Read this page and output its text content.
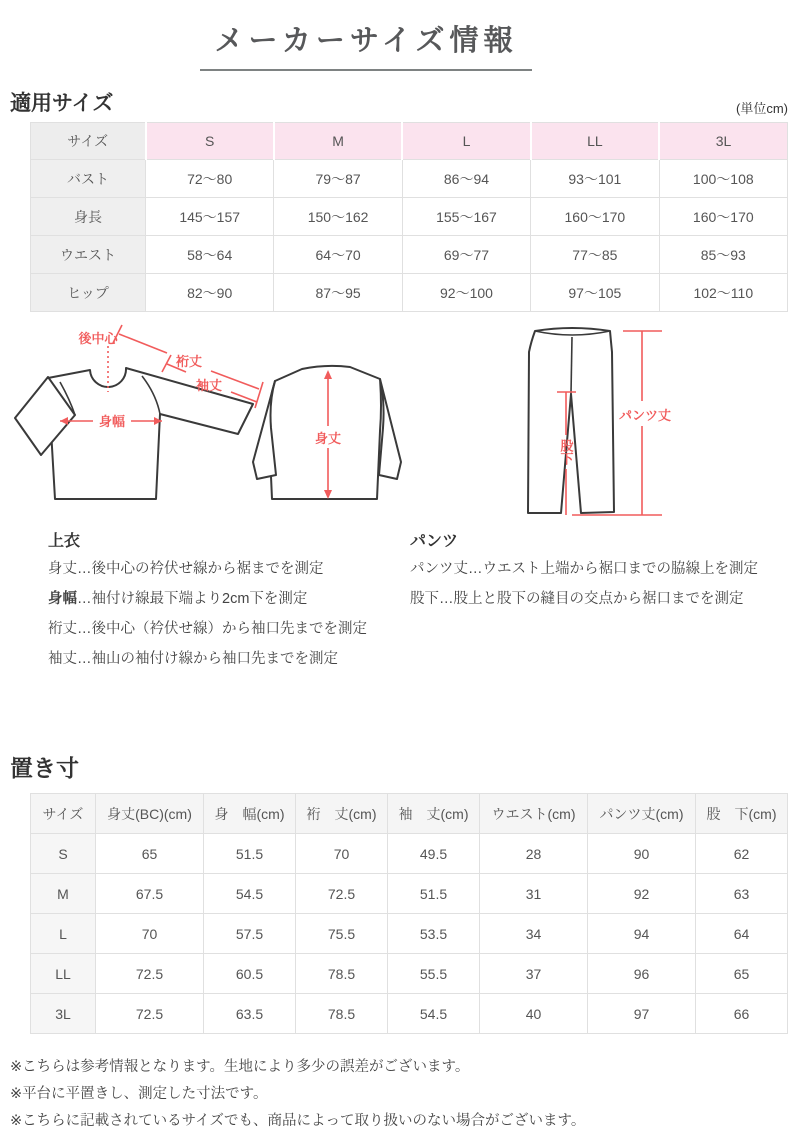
メーカーサイズ情報
適用サイズ	(単位cm)
サイズ	S	M	L	LL	3L
バスト	72〜80	79〜87	86〜94	93〜101	100〜108
身長	145〜157	150〜162	155〜167	160〜170	160〜170
ウエスト	58〜64	64〜70	69〜77	77〜85	85〜93
ヒップ	82〜90	87〜95	92〜100	97〜105	102〜110
後中心
裄丈
袖丈
身幅
身丈
パンツ丈
股下
上衣
身丈…後中心の衿伏せ線から裾までを測定
身幅…袖付け線最下端より2cm下を測定
裄丈…後中心（衿伏せ線）から袖口先までを測定
袖丈…袖山の袖付け線から袖口先までを測定
パンツ
パンツ丈…ウエスト上端から裾口までの脇線上を測定
股下…股上と股下の縫目の交点から裾口までを測定
置き寸
サイズ	身丈(BC)(cm)	身　幅(cm)	裄　丈(cm)	袖　丈(cm)	ウエスト(cm)	パンツ丈(cm)	股　下(cm)
S	65	51.5	70	49.5	28	90	62
M	67.5	54.5	72.5	51.5	31	92	63
L	70	57.5	75.5	53.5	34	94	64
LL	72.5	60.5	78.5	55.5	37	96	65
3L	72.5	63.5	78.5	54.5	40	97	66
※こちらは参考情報となります。生地により多少の誤差がございます。
※平台に平置きし、測定した寸法です。
※こちらに記載されているサイズでも、商品によって取り扱いのない場合がございます。
